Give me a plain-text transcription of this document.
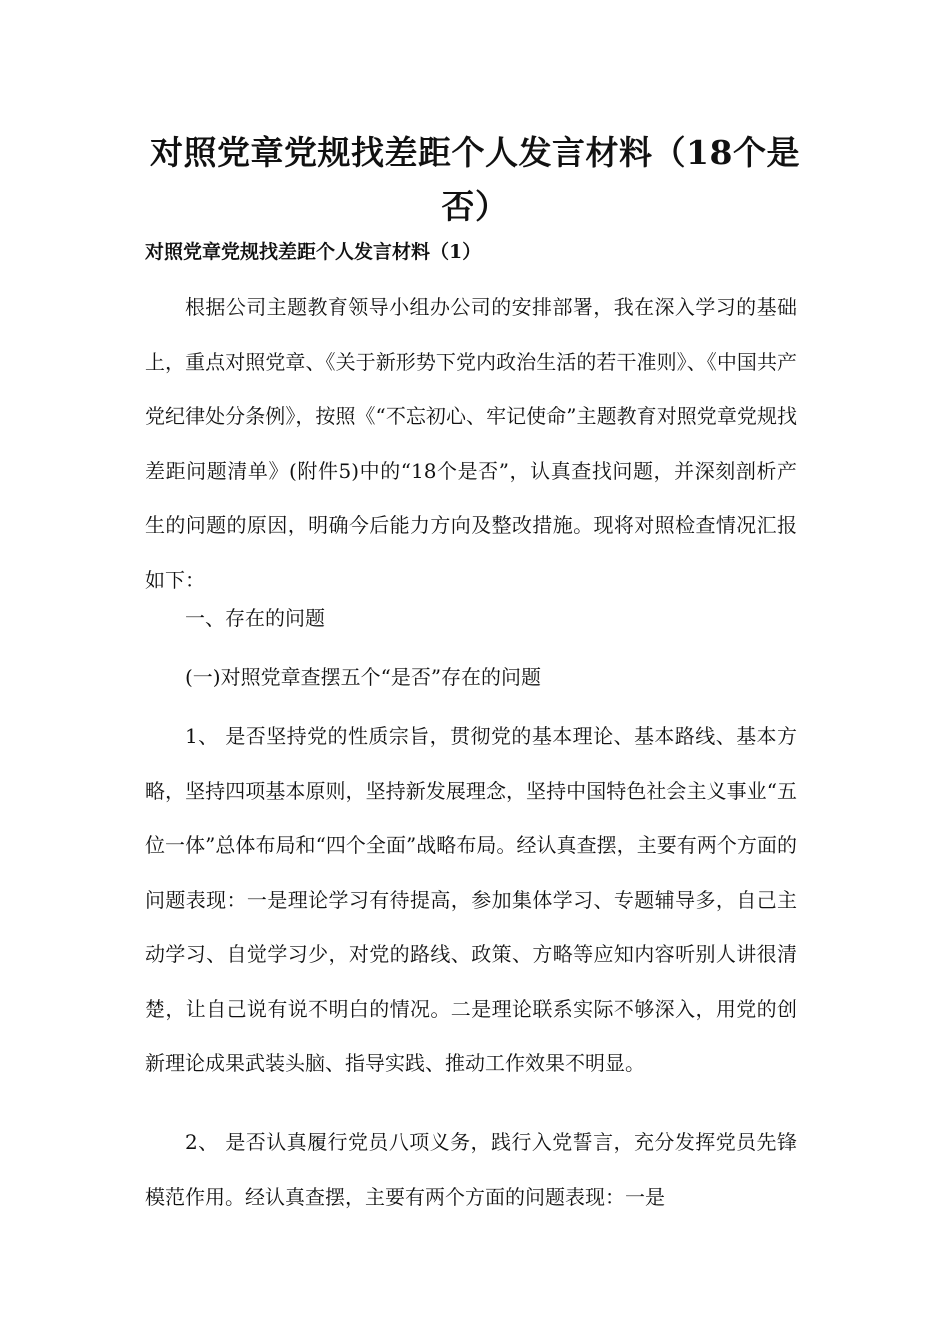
对照党章党规找差距个人发言材料（18个是否）
对照党章党规找差距个人发言材料（1）

根据公司主题教育领导小组办公司的安排部署，我在深入学习的基础上，重点对照党章、《关于新形势下党内政治生活的若干准则》、《中国共产党纪律处分条例》，按照《“不忘初心、牢记使命”主题教育对照党章党规找差距问题清单》(附件5)中的“18个是否”，认真查找问题，并深刻剖析产生的问题的原因，明确今后能力方向及整改措施。现将对照检查情况汇报如下：

一、存在的问题

(一)对照党章查摆五个“是否”存在的问题

1、 是否坚持党的性质宗旨，贯彻党的基本理论、基本路线、基本方略，坚持四项基本原则，坚持新发展理念，坚持中国特色社会主义事业“五位一体”总体布局和“四个全面”战略布局。经认真查摆，主要有两个方面的问题表现：一是理论学习有待提高，参加集体学习、专题辅导多，自己主动学习、自觉学习少，对党的路线、政策、方略等应知内容听别人讲很清楚，让自己说有说不明白的情况。二是理论联系实际不够深入，用党的创新理论成果武装头脑、指导实践、推动工作效果不明显。

2、 是否认真履行党员八项义务，践行入党誓言，充分发挥党员先锋模范作用。经认真查摆，主要有两个方面的问题表现：一是
